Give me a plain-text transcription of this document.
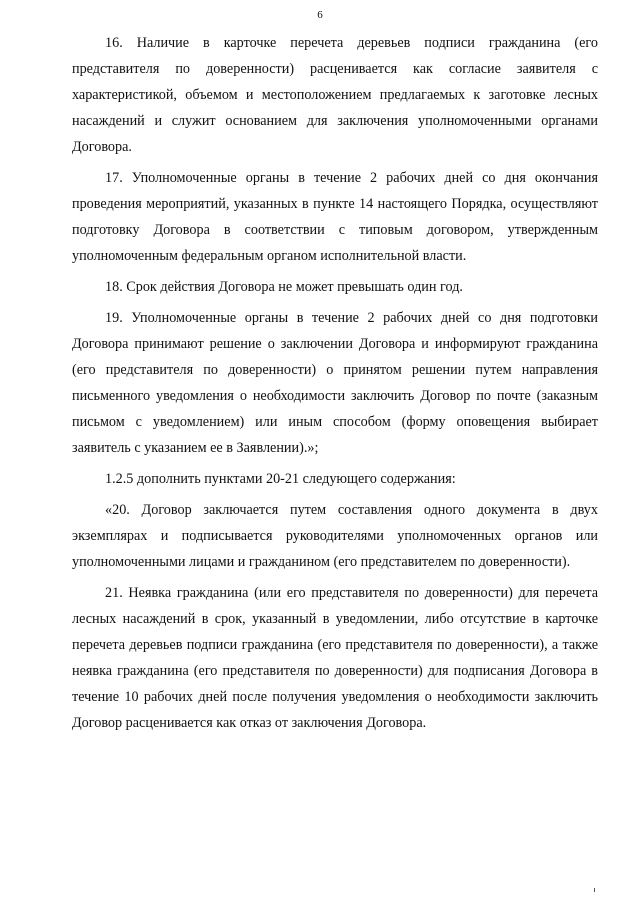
6

16. Наличие в карточке перечета деревьев подписи гражданина (его представителя по доверенности) расценивается как согласие заявителя с характеристикой, объемом и местоположением предлагаемых к заготовке лесных насаждений и служит основанием для заключения уполномоченными органами Договора.

17. Уполномоченные органы в течение 2 рабочих дней со дня окончания проведения мероприятий, указанных в пункте 14 настоящего Порядка, осуществляют подготовку Договора в соответствии с типовым договором, утвержденным уполномоченным федеральным органом исполнительной власти.

18. Срок действия Договора не может превышать один год.

19. Уполномоченные органы в течение 2 рабочих дней со дня подготовки Договора принимают решение о заключении Договора и информируют гражданина (его представителя по доверенности) о принятом решении путем направления письменного уведомления о необходимости заключить Договор по почте (заказным письмом с уведомлением) или иным способом (форму оповещения выбирает заявитель с указанием ее в Заявлении).»;

1.2.5 дополнить пунктами 20-21 следующего содержания:

«20. Договор заключается путем составления одного документа в двух экземплярах и подписывается руководителями уполномоченных органов или уполномоченными лицами и гражданином (его представителем по доверенности).

21. Неявка гражданина (или его представителя по доверенности) для перечета лесных насаждений в срок, указанный в уведомлении, либо отсутствие в карточке перечета деревьев подписи гражданина (его представителя по доверенности), а также неявка гражданина (его представителя по доверенности) для подписания Договора в течение 10 рабочих дней после получения уведомления о необходимости заключить Договор расценивается как отказ от заключения Договора.
